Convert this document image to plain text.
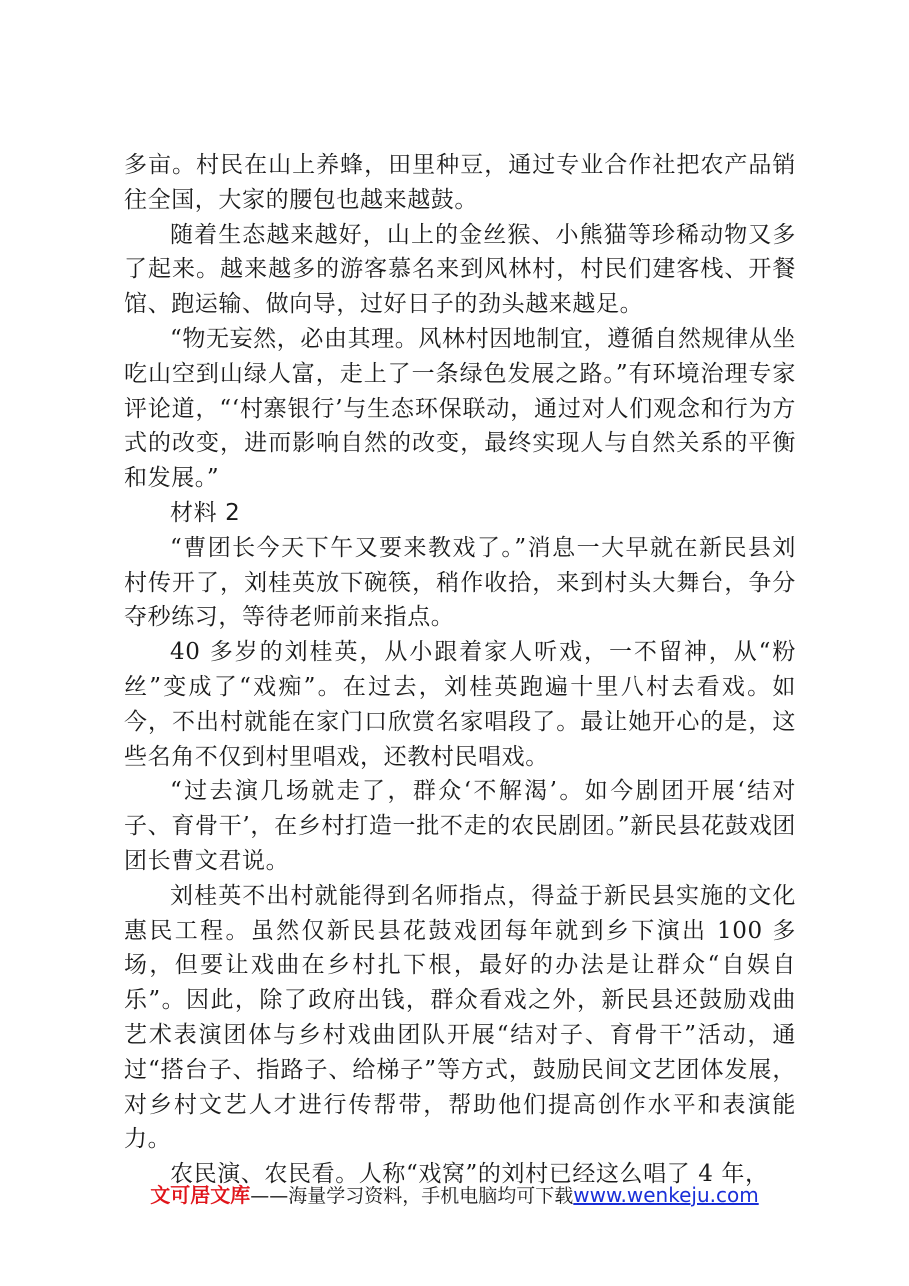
多亩。村民在山上养蜂，田里种豆，通过专业合作社把农产品销往全国，大家的腰包也越来越鼓。

随着生态越来越好，山上的金丝猴、小熊猫等珍稀动物又多了起来。越来越多的游客慕名来到风林村，村民们建客栈、开餐馆、跑运输、做向导，过好日子的劲头越来越足。

“物无妄然，必由其理。风林村因地制宜，遵循自然规律从坐吃山空到山绿人富，走上了一条绿色发展之路。”有环境治理专家评论道，“‘村寨银行’与生态环保联动，通过对人们观念和行为方式的改变，进而影响自然的改变，最终实现人与自然关系的平衡和发展。”

材料 2

“曹团长今天下午又要来教戏了。”消息一大早就在新民县刘村传开了，刘桂英放下碗筷，稍作收拾，来到村头大舞台，争分夺秒练习，等待老师前来指点。

40 多岁的刘桂英，从小跟着家人听戏，一不留神，从“粉丝”变成了“戏痴”。在过去，刘桂英跑遍十里八村去看戏。如今，不出村就能在家门口欣赏名家唱段了。最让她开心的是，这些名角不仅到村里唱戏，还教村民唱戏。

“过去演几场就走了，群众‘不解渴’。如今剧团开展‘结对子、育骨干’，在乡村打造一批不走的农民剧团。”新民县花鼓戏团团长曹文君说。

刘桂英不出村就能得到名师指点，得益于新民县实施的文化惠民工程。虽然仅新民县花鼓戏团每年就到乡下演出 100 多场，但要让戏曲在乡村扎下根，最好的办法是让群众“自娱自乐”。因此，除了政府出钱，群众看戏之外，新民县还鼓励戏曲艺术表演团体与乡村戏曲团队开展“结对子、育骨干”活动，通过“搭台子、指路子、给梯子”等方式，鼓励民间文艺团体发展，对乡村文艺人才进行传帮带，帮助他们提高创作水平和表演能力。

农民演、农民看。人称“戏窝”的刘村已经这么唱了 4 年，

文可居文库——海量学习资料，手机电脑均可下载www.wenkeju.com
